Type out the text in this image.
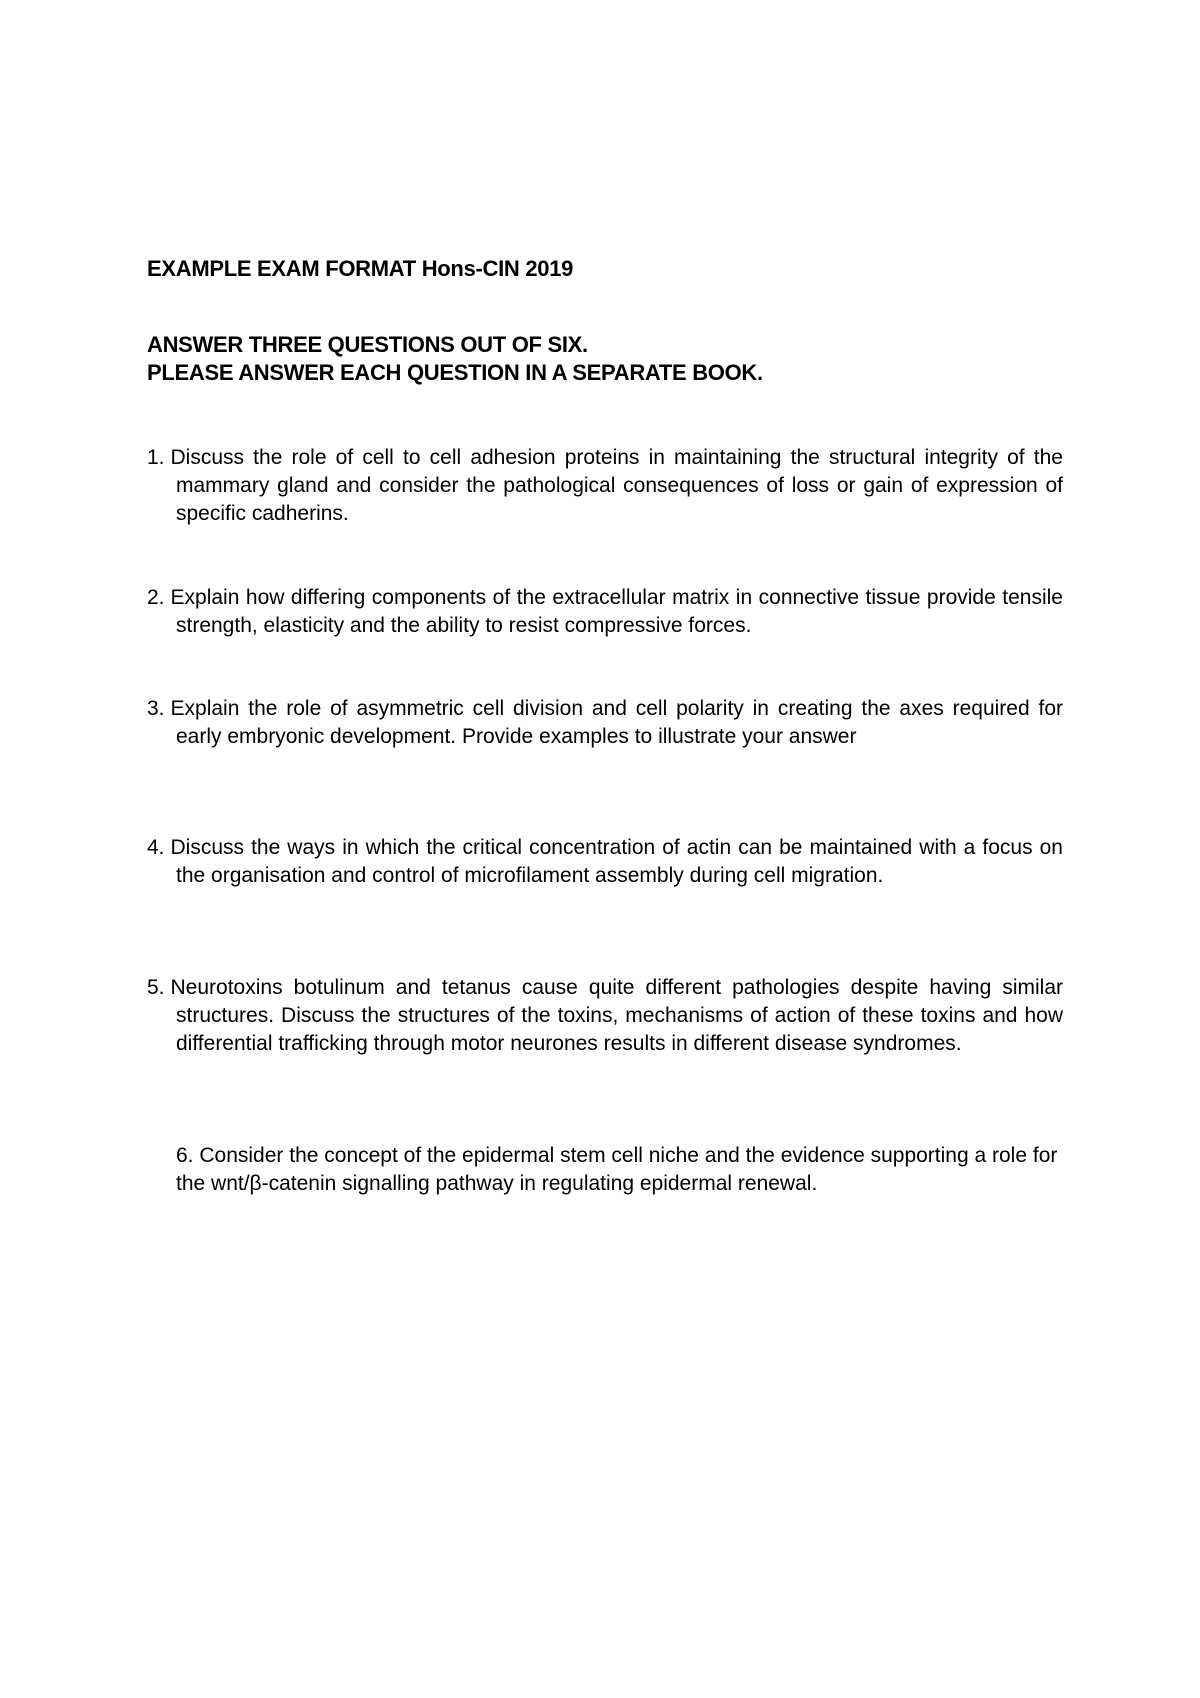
EXAMPLE EXAM FORMAT Hons-CIN 2019

ANSWER THREE QUESTIONS OUT OF SIX.

PLEASE ANSWER EACH QUESTION IN A SEPARATE BOOK.

1. Discuss the role of cell to cell adhesion proteins in maintaining the structural integrity of the mammary gland and consider the pathological consequences of loss or gain of expression of specific cadherins.
2. Explain how differing components of the extracellular matrix in connective tissue provide tensile strength, elasticity and the ability to resist compressive forces.
3. Explain the role of asymmetric cell division and cell polarity in creating the axes required for early embryonic development. Provide examples to illustrate your answer
4. Discuss the ways in which the critical concentration of actin can be maintained with a focus on the organisation and control of microfilament assembly during cell migration.
5. Neurotoxins botulinum and tetanus cause quite different pathologies despite having similar structures. Discuss the structures of the toxins, mechanisms of action of these toxins and how differential trafficking through motor neurones results in different disease syndromes.
6. Consider the concept of the epidermal stem cell niche and the evidence supporting a role for the wnt/β-catenin signalling pathway in regulating epidermal renewal.
